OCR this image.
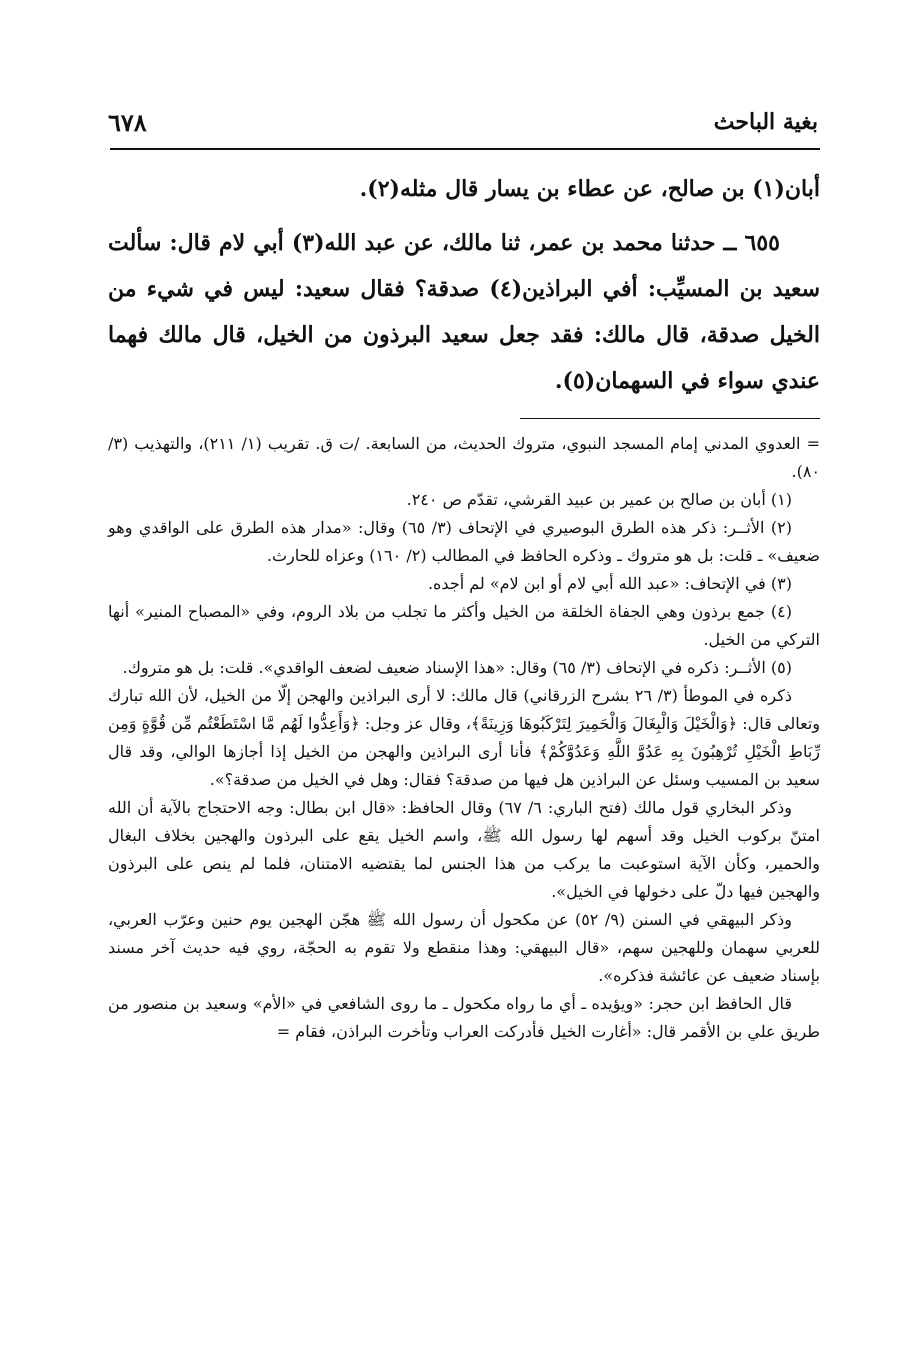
بغية الباحث
٦٧٨

أبان(١) بن صالح، عن عطاء بن يسار قال مثله(٢).

٦٥٥ ــ حدثنا محمد بن عمر، ثنا مالك، عن عبد الله(٣) أبي لام قال: سألت سعيد بن المسيِّب: أفي البراذين(٤) صدقة؟ فقال سعيد: ليس في شيء من الخيل صدقة، قال مالك: فقد جعل سعيد البرذون من الخيل، قال مالك فهما عندي سواء في السهمان(٥).

= العدوي المدني إمام المسجد النبوي، متروك الحديث، من السابعة. /ت ق. تقريب (١/ ٢١١)، والتهذيب (٣/ ٨٠).

(١) أبان بن صالح بن عمير بن عبيد القرشي، تقدّم ص ٢٤٠.

(٢) الأثــر: ذكر هذه الطرق البوصيري في الإتحاف (٣/ ٦٥) وقال: «مدار هذه الطرق على الواقدي وهو ضعيف» ـ قلت: بل هو متروك ـ وذكره الحافظ في المطالب (٢/ ١٦٠) وعزاه للحارث.

(٣) في الإتحاف: «عبد الله أبي لام أو ابن لام» لم أجده.

(٤) جمع برذون وهي الجفاة الخلقة من الخيل وأكثر ما تجلب من بلاد الروم، وفي «المصباح المنير» أنها التركي من الخيل.

(٥) الأثــر: ذكره في الإتحاف (٣/ ٦٥) وقال: «هذا الإسناد ضعيف لضعف الواقدي». قلت: بل هو متروك.

ذكره في الموطأ (٣/ ٢٦ بشرح الزرقاني) قال مالك: لا أرى البراذين والهجن إلّا من الخيل، لأن الله تبارك وتعالى قال: ﴿وَالْخَيْلَ وَالْبِغَالَ وَالْحَمِيرَ لِتَرْكَبُوهَا وَزِينَةً﴾، وقال عز وجل: ﴿وَأَعِدُّوا لَهُم مَّا اسْتَطَعْتُم مِّن قُوَّةٍ وَمِن رِّبَاطِ الْخَيْلِ تُرْهِبُونَ بِهِ عَدُوَّ اللَّهِ وَعَدُوَّكُمْ﴾ فأنا أرى البراذين والهجن من الخيل إذا أجازها الوالي، وقد قال سعيد بن المسيب وسئل عن البراذين هل فيها من صدقة؟ فقال: وهل في الخيل من صدقة؟».

وذكر البخاري قول مالك (فتح الباري: ٦/ ٦٧) وقال الحافظ: «قال ابن بطال: وجه الاحتجاج بالآية أن الله امتنّ بركوب الخيل وقد أسهم لها رسول الله ﷺ، واسم الخيل يقع على البرذون والهجين بخلاف البغال والحمير، وكأن الآية استوعبت ما يركب من هذا الجنس لما يقتضيه الامتنان، فلما لم ينص على البرذون والهجين فيها دلّ على دخولها في الخيل».

وذكر البيهقي في السنن (٩/ ٥٢) عن مكحول أن رسول الله ﷺ هجّن الهجين يوم حنين وعرّب العربي، للعربي سهمان وللهجين سهم، «قال البيهقي: وهذا منقطع ولا تقوم به الحجّة، روي فيه حديث آخر مسند بإسناد ضعيف عن عائشة فذكره».

قال الحافظ ابن حجر: «ويؤيده ـ أي ما رواه مكحول ـ ما روى الشافعي في «الأم» وسعيد بن منصور من طريق علي بن الأقمر قال: «أغارت الخيل فأدركت العراب وتأخرت البراذن، فقام =
